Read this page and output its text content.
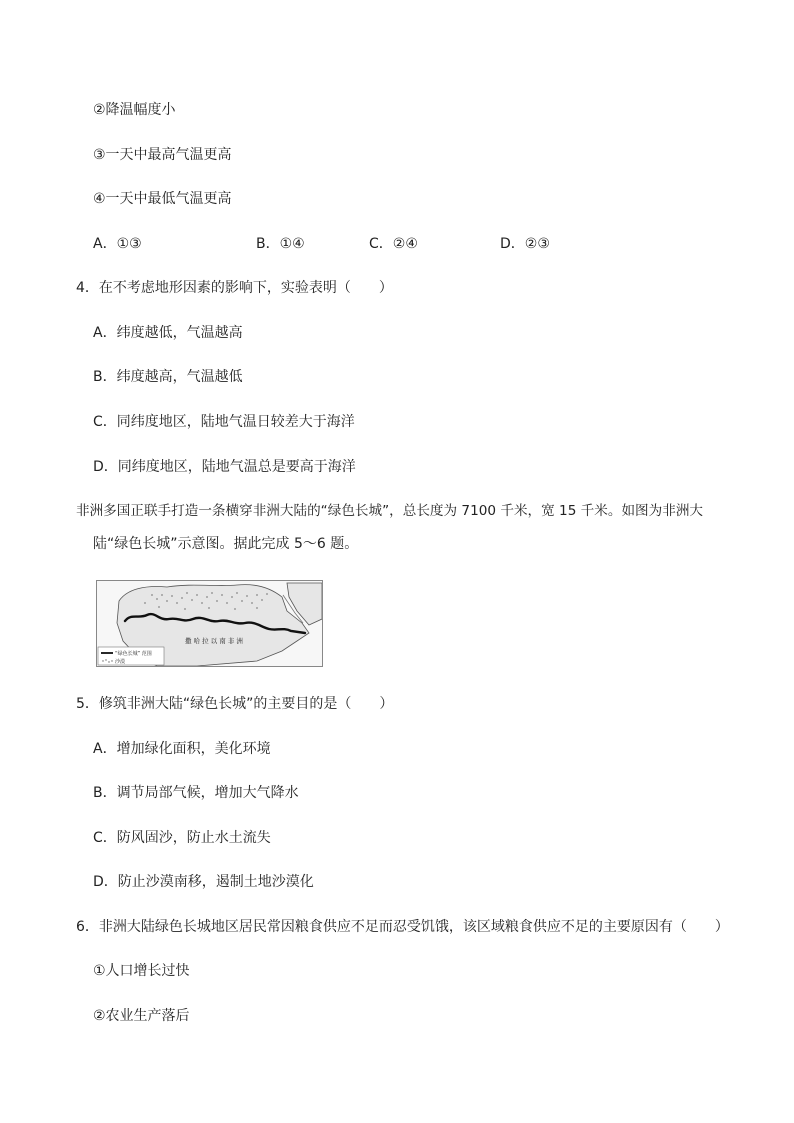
②降温幅度小
③一天中最高气温更高
④一天中最低气温更高
A．①③	B．①④	C．②④	D．②③
4．在不考虑地形因素的影响下，实验表明（　　）
A．纬度越低，气温越高
B．纬度越高，气温越低
C．同纬度地区，陆地气温日较差大于海洋
D．同纬度地区，陆地气温总是要高于海洋
非洲多国正联手打造一条横穿非洲大陆的“绿色长城”，总长度为 7100 千米，宽 15 千米。如图为非洲大
陆“绿色长城”示意图。据此完成 5～6 题。
撒 哈 拉 以 南 非 洲
“绿色长城” 范围
沙漠
5．修筑非洲大陆“绿色长城”的主要目的是（　　）
A．增加绿化面积，美化环境
B．调节局部气候，增加大气降水
C．防风固沙，防止水土流失
D．防止沙漠南移，遏制土地沙漠化
6．非洲大陆绿色长城地区居民常因粮食供应不足而忍受饥饿，该区域粮食供应不足的主要原因有（　　）
①人口增长过快
②农业生产落后
